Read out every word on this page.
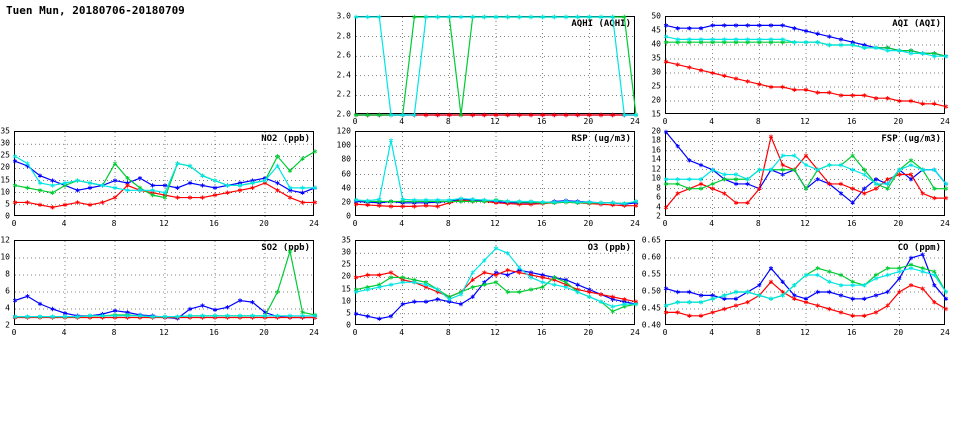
Tuen Mun, 20180706-20180709
AQHI (AQHI)
2.0
2.2
2.4
2.6
2.8
3.0
0	4	8	12	16	20	24
AQI (AQI)
15
20
25
30
35
40
45
50
0	4	8	12	16	20	24
NO2 (ppb)
0
5
10
15
20
25
30
35
0	4	8	12	16	20	24
RSP (ug/m3)
0
20
40
60
80
100
120
0	4	8	12	16	20	24
FSP (ug/m3)
2
4
6
8
10
12
14
16
18
20
0	4	8	12	16	20	24
SO2 (ppb)
2
4
6
8
10
12
0	4	8	12	16	20	24
O3 (ppb)
0
5
10
15
20
25
30
35
0	4	8	12	16	20	24
CO (ppm)
0.40
0.45
0.50
0.55
0.60
0.65
0	4	8	12	16	20	24
